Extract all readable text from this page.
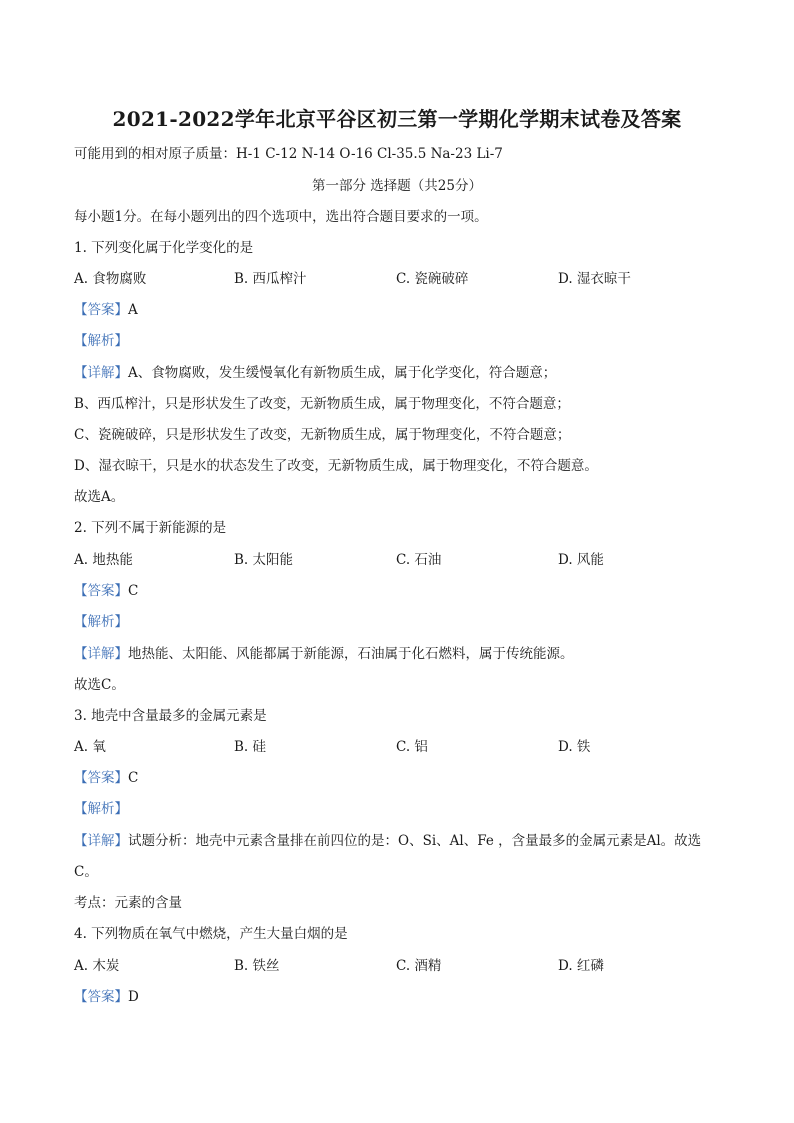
2021-2022学年北京平谷区初三第一学期化学期末试卷及答案
可能用到的相对原子质量：H-1 C-12 N-14 O-16 Cl-35.5 Na-23 Li-7
第一部分 选择题（共25分）
每小题1分。在每小题列出的四个选项中，选出符合题目要求的一项。
1. 下列变化属于化学变化的是
A. 食物腐败	B. 西瓜榨汁	C. 瓷碗破碎	D. 湿衣晾干
【答案】A
【解析】
【详解】A、食物腐败，发生缓慢氧化有新物质生成，属于化学变化，符合题意；
B、西瓜榨汁，只是形状发生了改变，无新物质生成，属于物理变化，不符合题意；
C、瓷碗破碎，只是形状发生了改变，无新物质生成，属于物理变化，不符合题意；
D、湿衣晾干，只是水的状态发生了改变，无新物质生成，属于物理变化，不符合题意。
故选A。
2. 下列不属于新能源的是
A. 地热能	B. 太阳能	C. 石油	D. 风能
【答案】C
【解析】
【详解】地热能、太阳能、风能都属于新能源，石油属于化石燃料，属于传统能源。
故选C。
3. 地壳中含量最多的金属元素是
A. 氧	B. 硅	C. 铝	D. 铁
【答案】C
【解析】
【详解】试题分析：地壳中元素含量排在前四位的是：O、Si、Al、Fe ，含量最多的金属元素是Al。故选
C。
考点：元素的含量
4. 下列物质在氧气中燃烧，产生大量白烟的是
A. 木炭	B. 铁丝	C. 酒精	D. 红磷
【答案】D
